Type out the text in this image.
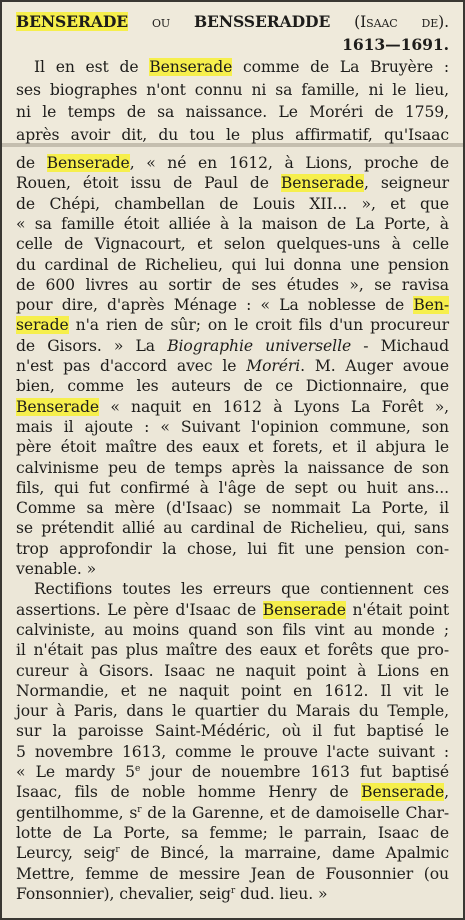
BENSERADE ou BENSSERADDE (Isaac de).
1613—1691.
Il en est de Benserade comme de La Bruyère :
ses biographes n'ont connu ni sa famille, ni le lieu,
ni le temps de sa naissance. Le Moréri de 1759,
après avoir dit, du tou le plus affirmatif, qu'Isaac
de Benserade, « né en 1612, à Lions, proche de
Rouen, étoit issu de Paul de Benserade, seigneur
de Chépi, chambellan de Louis XII... », et que
« sa famille étoit alliée à la maison de La Porte, à
celle de Vignacourt, et selon quelques-uns à celle
du cardinal de Richelieu, qui lui donna une pension
de 600 livres au sortir de ses études », se ravisa
pour dire, d'après Ménage : « La noblesse de Ben-
serade n'a rien de sûr; on le croit fils d'un procureur
de Gisors. » La Biographie universelle - Michaud
n'est pas d'accord avec le Moréri. M. Auger avoue
bien, comme les auteurs de ce Dictionnaire, que
Benserade « naquit en 1612 à Lyons La Forêt »,
mais il ajoute : « Suivant l'opinion commune, son
père étoit maître des eaux et forets, et il abjura le
calvinisme peu de temps après la naissance de son
fils, qui fut confirmé à l'âge de sept ou huit ans...
Comme sa mère (d'Isaac) se nommait La Porte, il
se prétendit allié au cardinal de Richelieu, qui, sans
trop approfondir la chose, lui fit une pension con-
venable. »
Rectifions toutes les erreurs que contiennent ces
assertions. Le père d'Isaac de Benserade n'était point
calviniste, au moins quand son fils vint au monde ;
il n'était pas plus maître des eaux et forêts que pro-
cureur à Gisors. Isaac ne naquit point à Lions en
Normandie, et ne naquit point en 1612. Il vit le
jour à Paris, dans le quartier du Marais du Temple,
sur la paroisse Saint-Médéric, où il fut baptisé le
5 novembre 1613, comme le prouve l'acte suivant :
« Le mardy 5e jour de nouembre 1613 fut baptisé
Isaac, fils de noble homme Henry de Benserade,
gentilhomme, $s^r$ de la Garenne, et de damoiselle Char-
lotte de La Porte, sa femme; le parrain, Isaac de
Leurcy, seig$^r$ de Bincé, la marraine, dame Apalmic
Mettre, femme de messire Jean de Fousonnier (ou
Fonsonnier), chevalier, seig$^r$ dud. lieu. »
